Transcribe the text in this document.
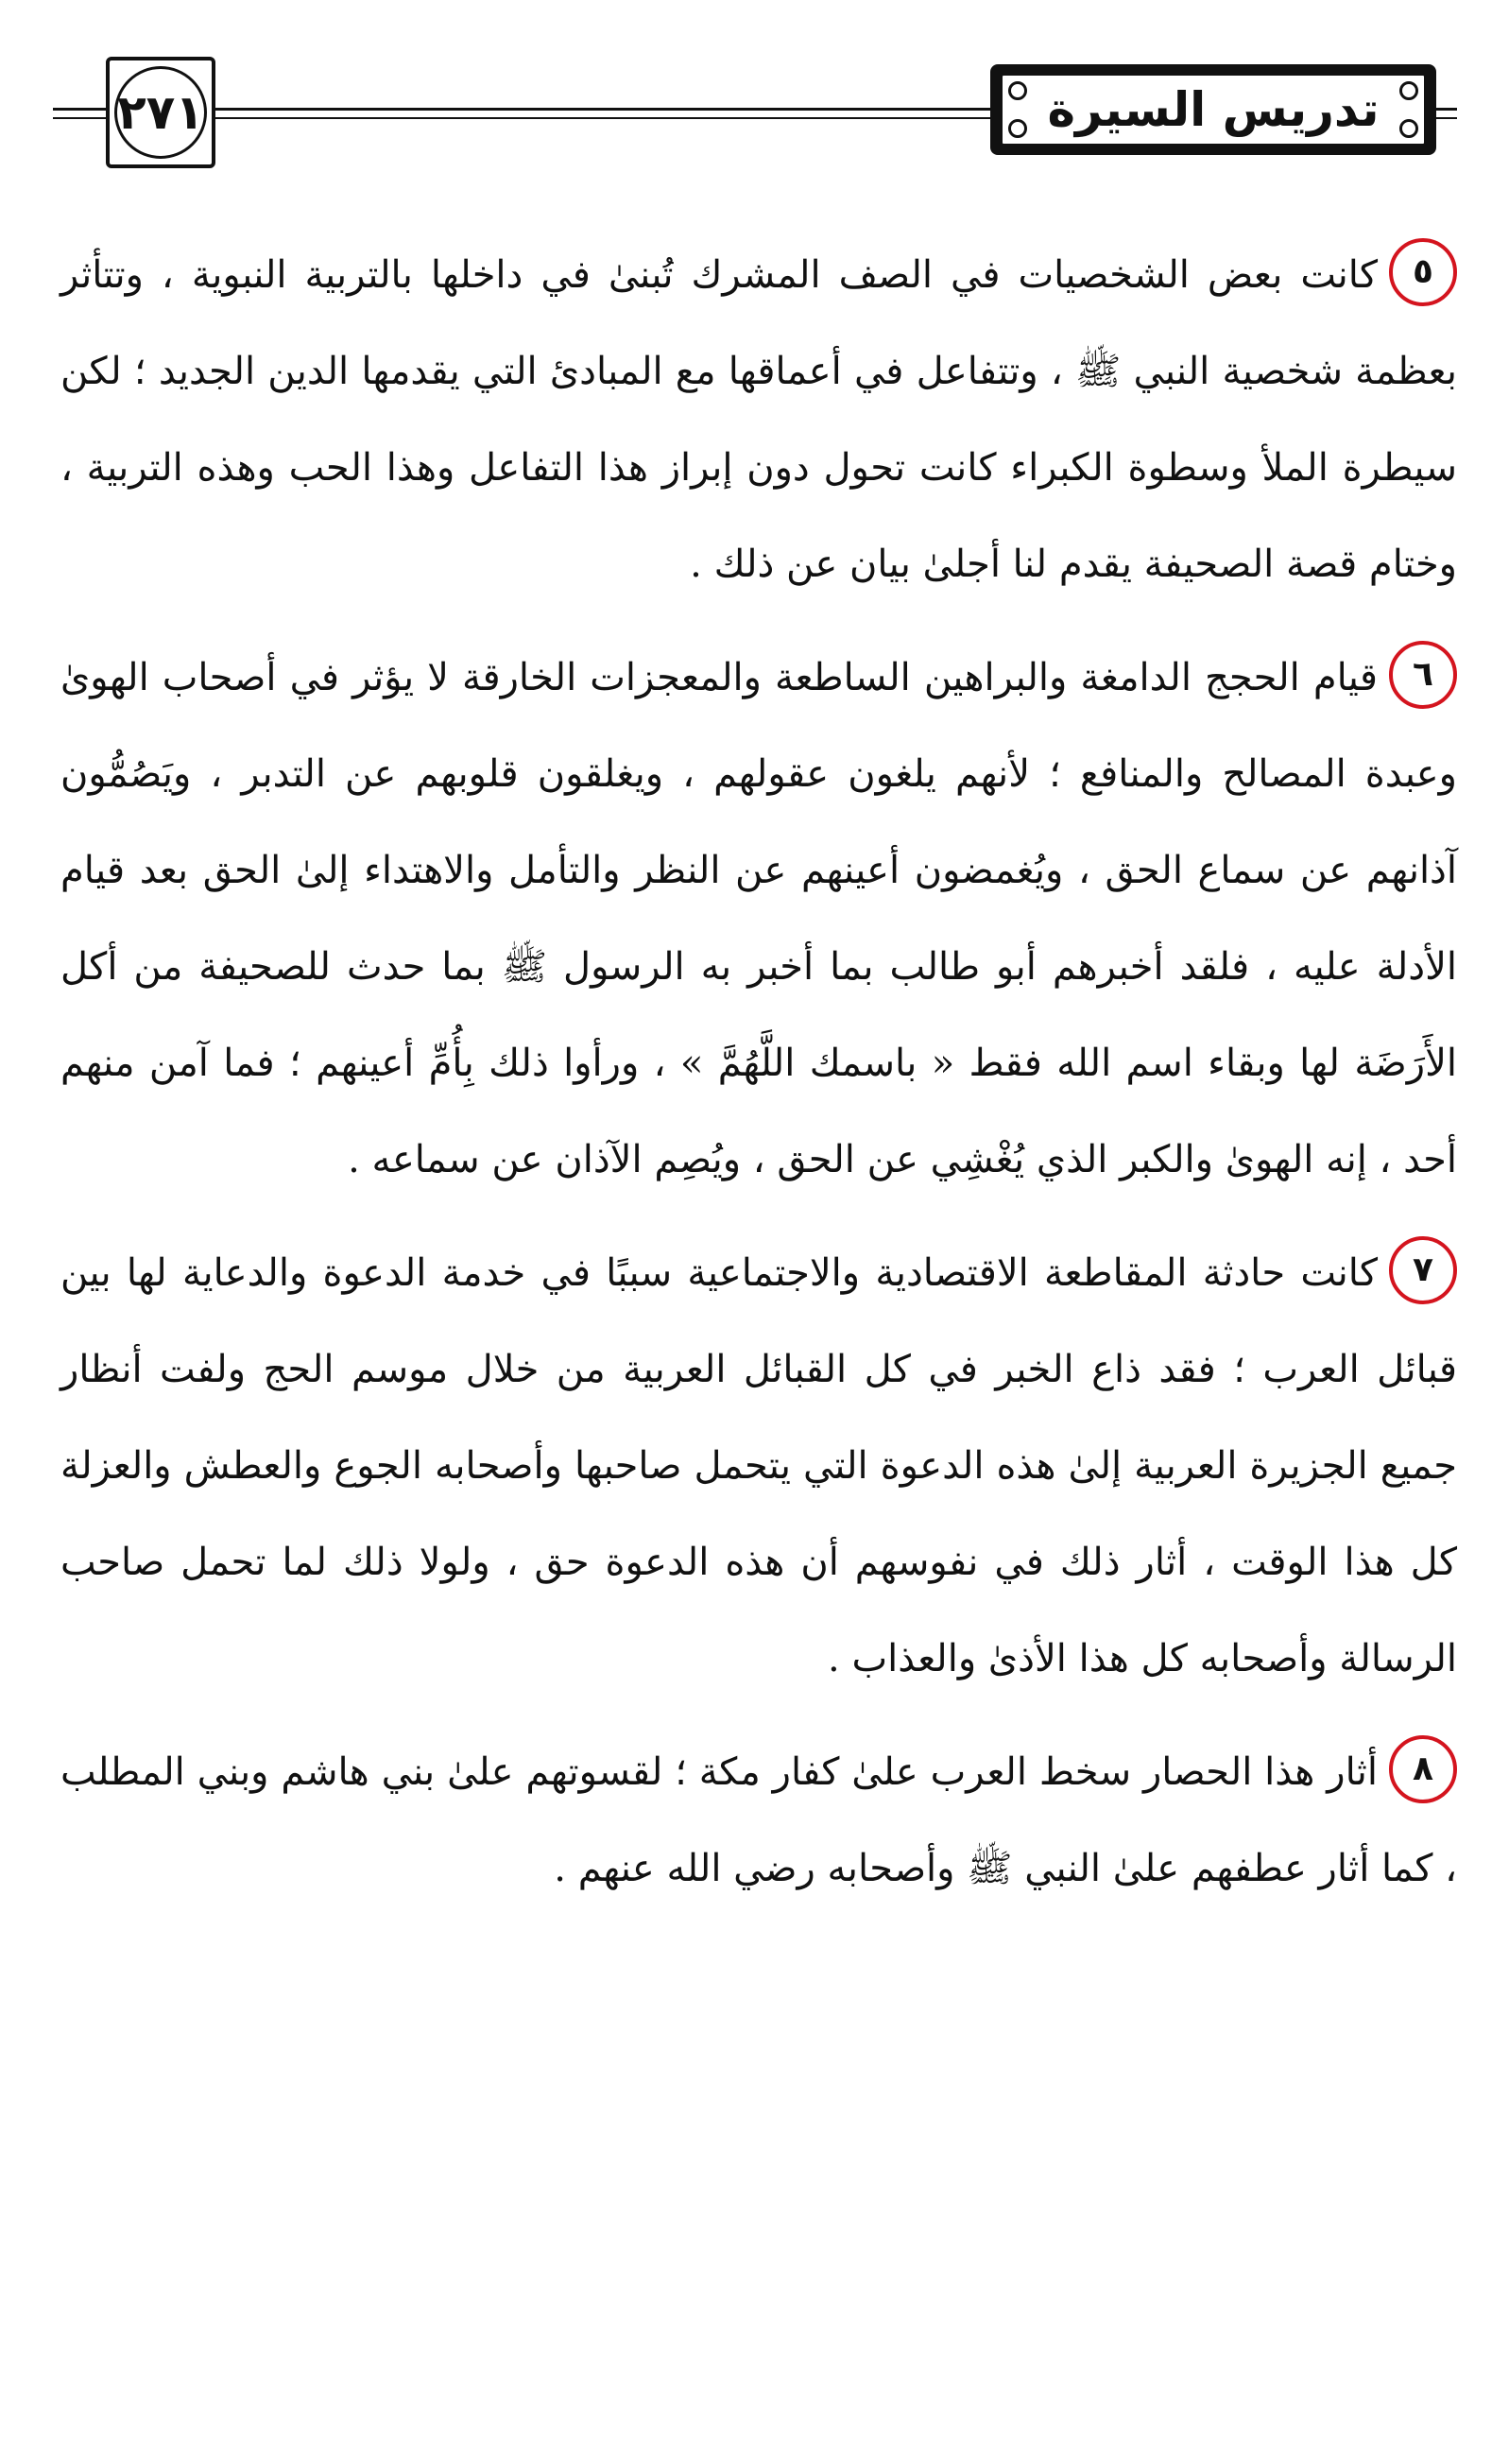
٢٧١	تدريس السيرة

٥كانت بعض الشخصيات في الصف المشرك تُبنىٰ في داخلها بالتربية النبوية ، وتتأثر بعظمة شخصية النبي ﷺ ، وتتفاعل في أعماقها مع المبادئ التي يقدمها الدين الجديد ؛ لكن سيطرة الملأ وسطوة الكبراء كانت تحول دون إبراز هذا التفاعل وهذا الحب وهذه التربية ، وختام قصة الصحيفة يقدم لنا أجلىٰ بيان عن ذلك .

٦قيام الحجج الدامغة والبراهين الساطعة والمعجزات الخارقة لا يؤثر في أصحاب الهوىٰ وعبدة المصالح والمنافع ؛ لأنهم يلغون عقولهم ، ويغلقون قلوبهم عن التدبر ، ويَصُمُّون آذانهم عن سماع الحق ، ويُغمضون أعينهم عن النظر والتأمل والاهتداء إلىٰ الحق بعد قيام الأدلة عليه ، فلقد أخبرهم أبو طالب بما أخبر به الرسول ﷺ بما حدث للصحيفة من أكل الأَرَضَة لها وبقاء اسم الله فقط « باسمك اللَّهُمَّ » ، ورأوا ذلك بِأُمِّ أعينهم ؛ فما آمن منهم أحد ، إنه الهوىٰ والكبر الذي يُغْشِي عن الحق ، ويُصِم الآذان عن سماعه .

٧كانت حادثة المقاطعة الاقتصادية والاجتماعية سببًا في خدمة الدعوة والدعاية لها بين قبائل العرب ؛ فقد ذاع الخبر في كل القبائل العربية من خلال موسم الحج ولفت أنظار جميع الجزيرة العربية إلىٰ هذه الدعوة التي يتحمل صاحبها وأصحابه الجوع والعطش والعزلة كل هذا الوقت ، أثار ذلك في نفوسهم أن هذه الدعوة حق ، ولولا ذلك لما تحمل صاحب الرسالة وأصحابه كل هذا الأذىٰ والعذاب .

٨أثار هذا الحصار سخط العرب علىٰ كفار مكة ؛ لقسوتهم علىٰ بني هاشم وبني المطلب ، كما أثار عطفهم علىٰ النبي ﷺ وأصحابه رضي الله عنهم .
